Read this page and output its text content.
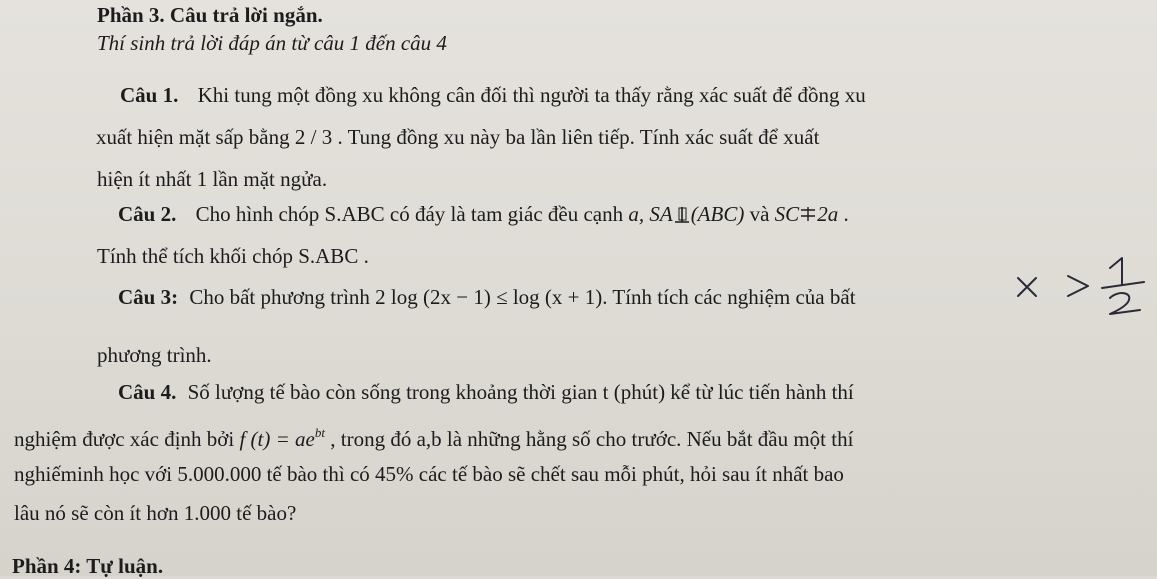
Phần 3. Câu trả lời ngắn.
Thí sinh trả lời đáp án từ câu 1 đến câu 4
Câu 1. Khi tung một đồng xu không cân đối thì người ta thấy rằng xác suất để đồng xu
xuất hiện mặt sấp bằng 2 / 3 . Tung đồng xu này ba lần liên tiếp. Tính xác suất để xuất
hiện ít nhất 1 lần mặt ngửa.
Câu 2. Cho hình chóp S.ABC có đáy là tam giác đều cạnh a, SA (ABC) và SC 2a .
Tính thể tích khối chóp S.ABC .
Câu 3: Cho bất phương trình 2 log (2x − 1) ≤ log (x + 1). Tính tích các nghiệm của bất
phương trình.
Câu 4. Số lượng tế bào còn sống trong khoảng thời gian t (phút) kể từ lúc tiến hành thí
nghiệm được xác định bởi f $(t) = ae^{bt}$ , trong đó a,b là những hằng số cho trước. Nếu bắt đầu một thí
nghiếminh học với 5.000.000 tế bào thì có 45% các tế bào sẽ chết sau mỗi phút, hỏi sau ít nhất bao
lâu nó sẽ còn ít hơn 1.000 tế bào?
Phần 4: Tự luận.
